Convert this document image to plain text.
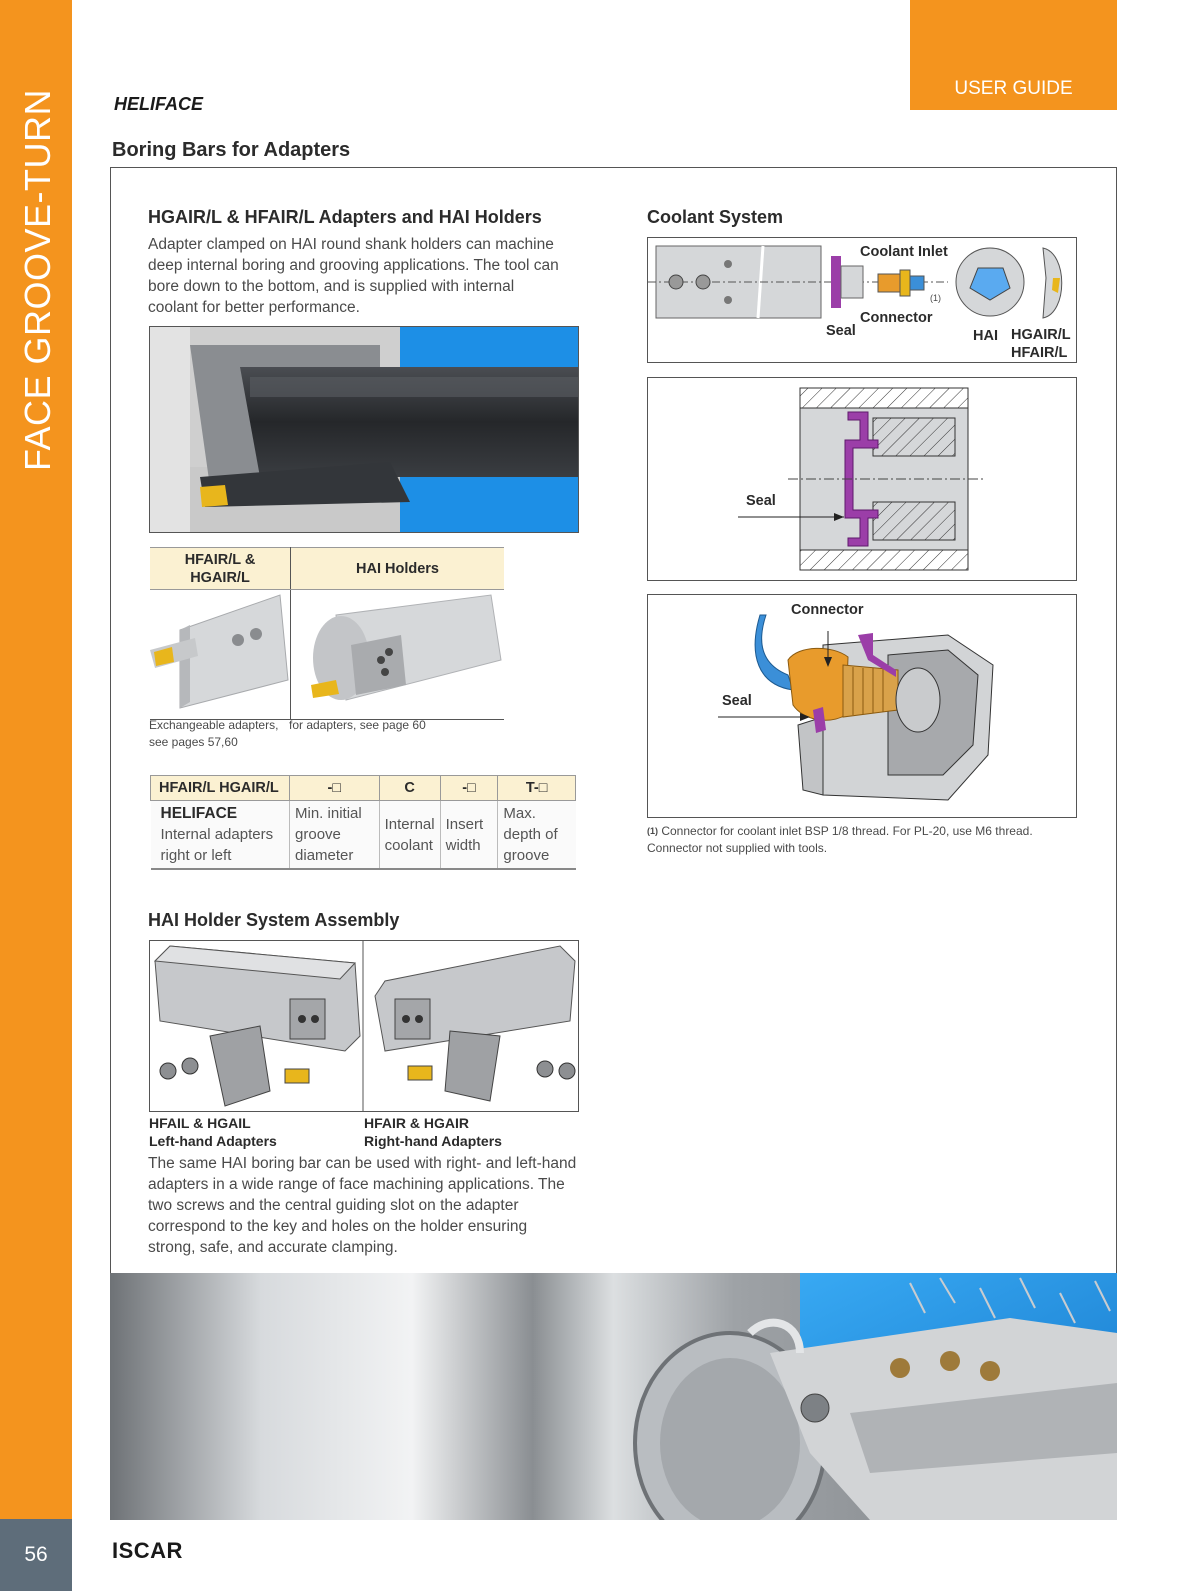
FACE GROOVE-TURN
56
USER GUIDE
HELIFACE
Boring Bars for Adapters
HGAIR/L & HFAIR/L Adapters and HAI Holders
Adapter clamped on HAI round shank holders can machine deep internal boring and grooving applications. The tool can bore down to the bottom, and is supplied with internal coolant for better performance.
HFAIR/L &
HGAIR/L	HAI Holders

Exchangeable adapters, see pages 57,60
for adapters, see page 60
HFAIR/L HGAIR/L	-□	C	-□	T-□

HELIFACE
Internal adapters right or left	Min. initial groove diameter	Internal coolant	Insert width	Max. depth of groove
HAI Holder System Assembly
HFAIL & HGAIL
Left-hand Adapters
HFAIR & HGAIR
Right-hand Adapters
The same HAI boring bar can be used with right- and left-hand adapters in a wide range of face machining applications. The two screws and the central guiding slot on the adapter correspond to the key and holes on the holder ensuring strong, safe, and accurate clamping.
Coolant System
Coolant Inlet
Seal
Connector
(1)
HAI HGAIR/L
HFAIR/L
Seal
Connector
Seal
$^{(1)}$ Connector for coolant inlet BSP 1/8 thread. For PL-20, use M6 thread.
Connector not supplied with tools.
ISCAR
